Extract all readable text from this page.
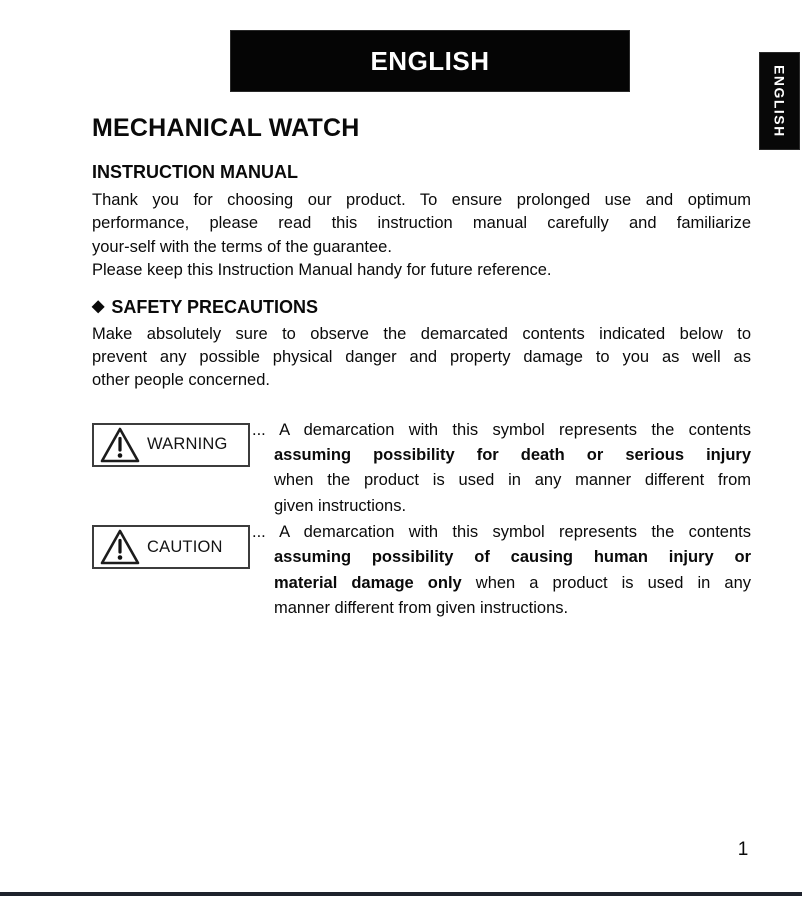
ENGLISH
ENGLISH
MECHANICAL WATCH
INSTRUCTION MANUAL
Thank you for choosing our product. To ensure prolonged use and optimum
performance, please read this instruction manual carefully and familiarize
your-self with the terms of the guarantee.
Please keep this Instruction Manual handy for future reference.
◆ SAFETY PRECAUTIONS
Make absolutely sure to observe the demarcated contents indicated below to
prevent any possible physical danger and property damage to you as well as
other people concerned.
WARNING
... A demarcation with this symbol represents the contents
assuming possibility for death or serious injury
when the product is used in any manner different from
given instructions.
CAUTION
... A demarcation with this symbol represents the contents
assuming possibility of causing human injury or
material damage only when a product is used in any
manner different from given instructions.
1
